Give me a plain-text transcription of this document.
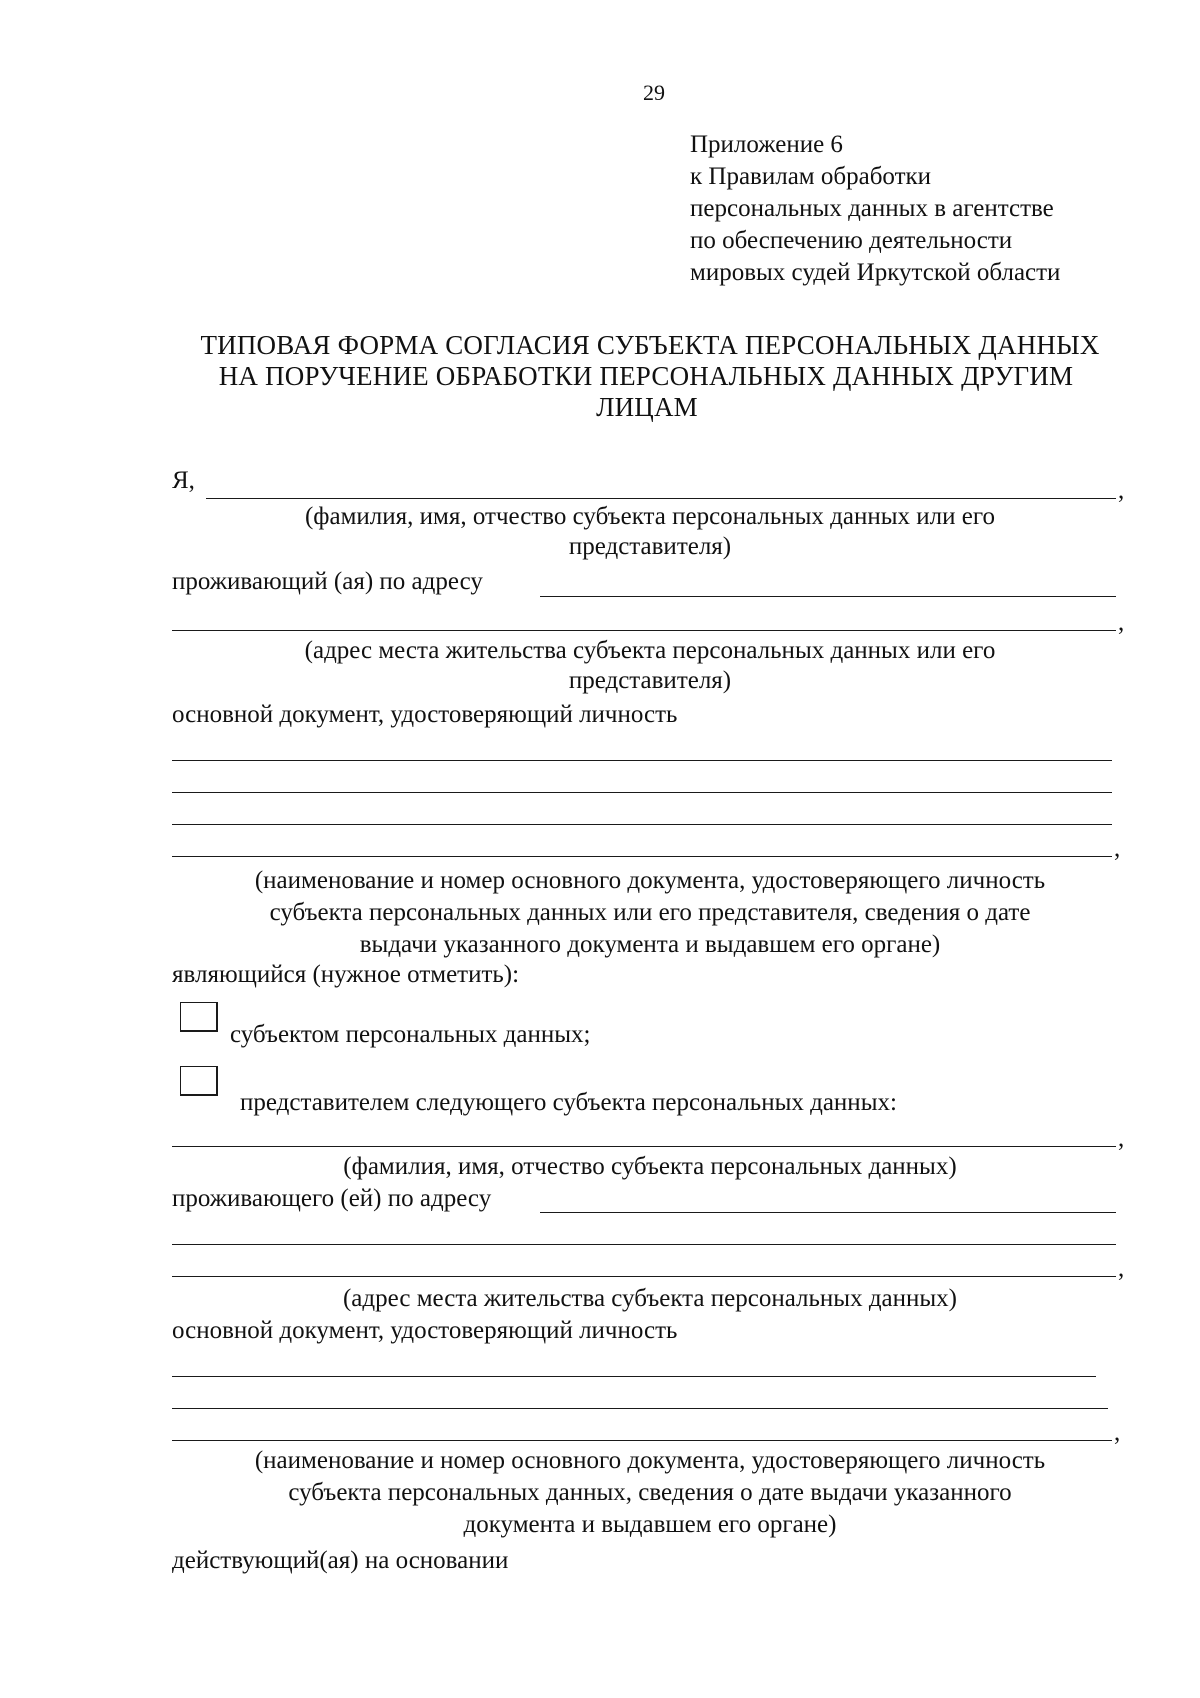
29
Приложение 6
к Правилам обработки
персональных данных в агентстве
по обеспечению деятельности
мировых судей Иркутской области
ТИПОВАЯ ФОРМА СОГЛАСИЯ СУБЪЕКТА ПЕРСОНАЛЬНЫХ ДАННЫХ
НА ПОРУЧЕНИЕ ОБРАБОТКИ ПЕРСОНАЛЬНЫХ ДАННЫХ ДРУГИМ
ЛИЦАМ
Я,	,
(фамилия, имя, отчество субъекта персональных данных или его
представителя)
проживающий (ая) по адресу
,
(адрес места жительства субъекта персональных данных или его
представителя)
основной документ, удостоверяющий личность
,
(наименование и номер основного документа, удостоверяющего личность
субъекта персональных данных или его представителя, сведения о дате
выдачи указанного документа и выдавшем его органе)
являющийся (нужное отметить):
субъектом персональных данных;
представителем следующего субъекта персональных данных:
,
(фамилия, имя, отчество субъекта персональных данных)
проживающего (ей) по адресу
,
(адрес места жительства субъекта персональных данных)
основной документ, удостоверяющий личность
,
(наименование и номер основного документа, удостоверяющего личность
субъекта персональных данных, сведения о дате выдачи указанного
документа и выдавшем его органе)
действующий(ая) на основании
